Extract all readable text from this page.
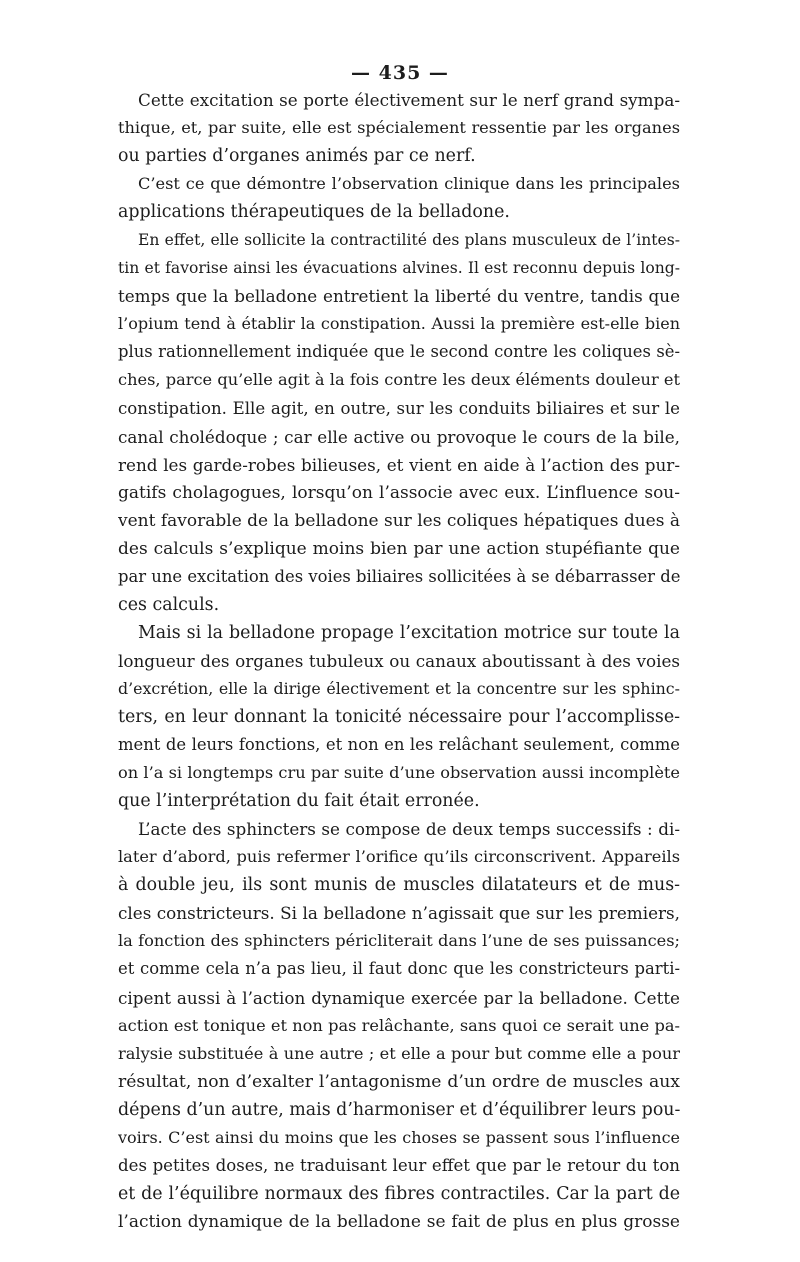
— 435 —
Cette excitation se porte électivement sur le nerf grand sympa-
thique, et, par suite, elle est spécialement ressentie par les organes
ou parties d’organes animés par ce nerf.
C’est ce que démontre l’observation clinique dans les principales
applications thérapeutiques de la belladone.
En effet, elle sollicite la contractilité des plans musculeux de l’intes-
tin et favorise ainsi les évacuations alvines. Il est reconnu depuis long-
temps que la belladone entretient la liberté du ventre, tandis que
l’opium tend à établir la constipation. Aussi la première est-elle bien
plus rationnellement indiquée que le second contre les coliques sè-
ches, parce qu’elle agit à la fois contre les deux éléments douleur et
constipation. Elle agit, en outre, sur les conduits biliaires et sur le
canal cholédoque ; car elle active ou provoque le cours de la bile,
rend les garde-robes bilieuses, et vient en aide à l’action des pur-
gatifs cholagogues, lorsqu’on l’associe avec eux. L’influence sou-
vent favorable de la belladone sur les coliques hépatiques dues à
des calculs s’explique moins bien par une action stupéfiante que
par une excitation des voies biliaires sollicitées à se débarrasser de
ces calculs.
Mais si la belladone propage l’excitation motrice sur toute la
longueur des organes tubuleux ou canaux aboutissant à des voies
d’excrétion, elle la dirige électivement et la concentre sur les sphinc-
ters, en leur donnant la tonicité nécessaire pour l’accomplisse-
ment de leurs fonctions, et non en les relâchant seulement, comme
on l’a si longtemps cru par suite d’une observation aussi incomplète
que l’interprétation du fait était erronée.
L’acte des sphincters se compose de deux temps successifs : di-
later d’abord, puis refermer l’orifice qu’ils circonscrivent. Appareils
à double jeu, ils sont munis de muscles dilatateurs et de mus-
cles constricteurs. Si la belladone n’agissait que sur les premiers,
la fonction des sphincters péricliterait dans l’une de ses puissances;
et comme cela n’a pas lieu, il faut donc que les constricteurs parti-
cipent aussi à l’action dynamique exercée par la belladone. Cette
action est tonique et non pas relâchante, sans quoi ce serait une pa-
ralysie substituée à une autre ; et elle a pour but comme elle a pour
résultat, non d’exalter l’antagonisme d’un ordre de muscles aux
dépens d’un autre, mais d’harmoniser et d’équilibrer leurs pou-
voirs. C’est ainsi du moins que les choses se passent sous l’influence
des petites doses, ne traduisant leur effet que par le retour du ton
et de l’équilibre normaux des fibres contractiles. Car la part de
l’action dynamique de la belladone se fait de plus en plus grosse
